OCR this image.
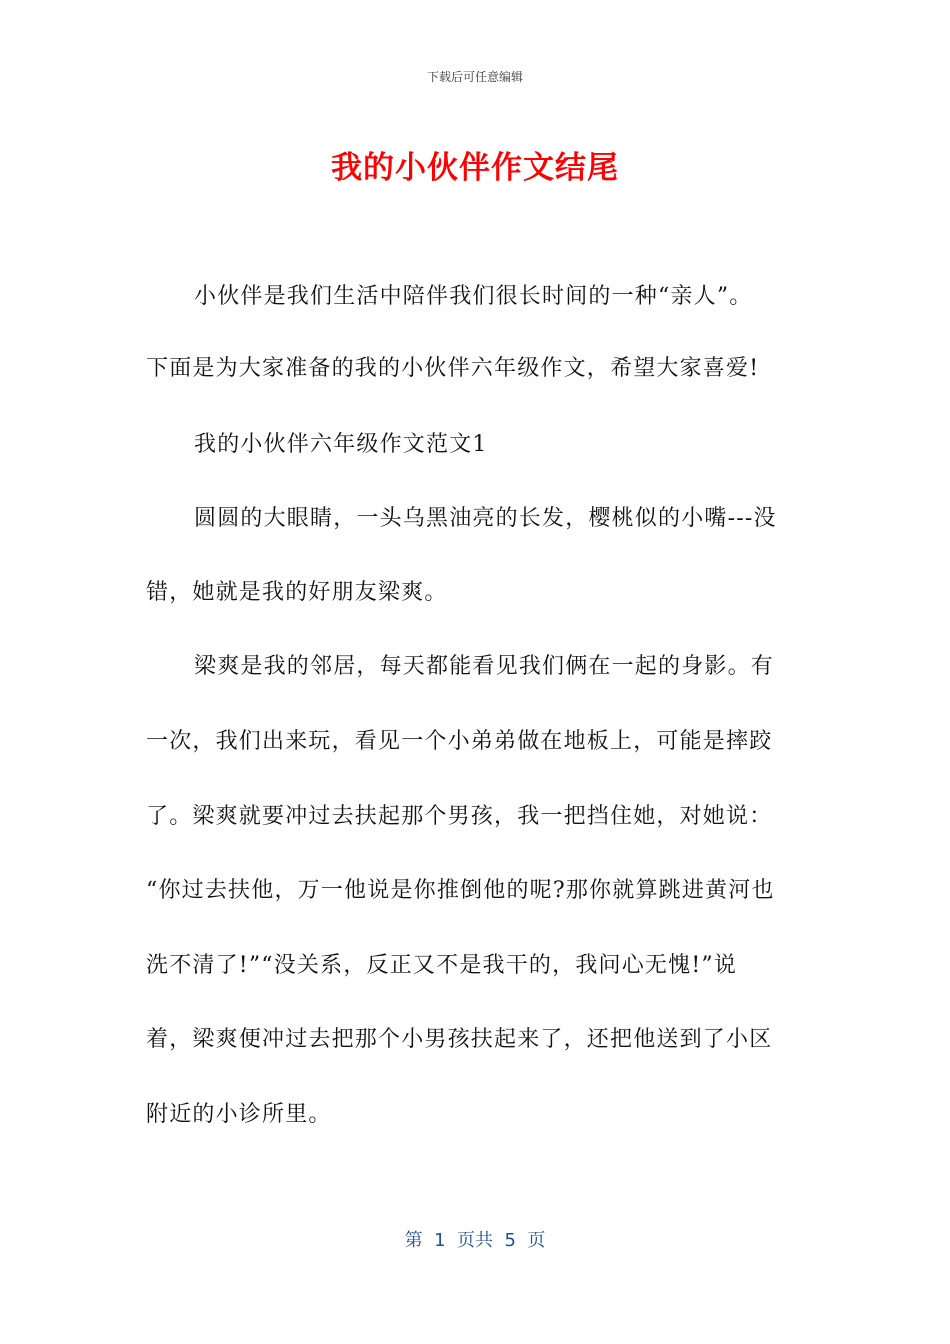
下载后可任意编辑
我的小伙伴作文结尾
小伙伴是我们生活中陪伴我们很长时间的一种“亲人”。
下面是为大家准备的我的小伙伴六年级作文，希望大家喜爱!
我的小伙伴六年级作文范文1
圆圆的大眼睛，一头乌黑油亮的长发，樱桃似的小嘴---没
错，她就是我的好朋友梁爽。
梁爽是我的邻居，每天都能看见我们俩在一起的身影。有
一次，我们出来玩，看见一个小弟弟做在地板上，可能是摔跤
了。梁爽就要冲过去扶起那个男孩，我一把挡住她，对她说：
“你过去扶他，万一他说是你推倒他的呢?那你就算跳进黄河也
洗不清了!”“没关系，反正又不是我干的，我问心无愧!”说
着，梁爽便冲过去把那个小男孩扶起来了，还把他送到了小区
附近的小诊所里。
第  1  页共  5  页
